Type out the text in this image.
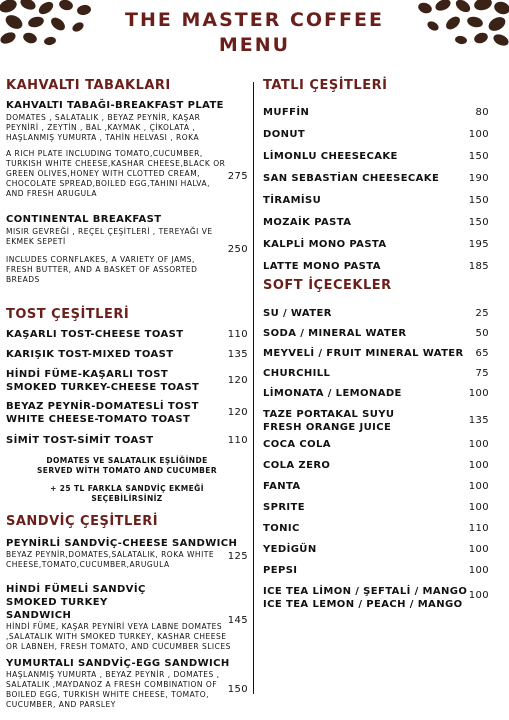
THE MASTER COFFEE
MENU
KAHVALTI TABAKLARI
KAHVALTI TABAĞI-BREAKFAST PLATE
DOMATES , SALATALIK , BEYAZ PEYNİR, KAŞAR PEYNİRİ , ZEYTİN , BAL ,KAYMAK , ÇİKOLATA , HAŞLANMIŞ YUMURTA , TAHİN HELVASI , ROKA
A RICH PLATE INCLUDING TOMATO,CUCUMBER, TURKISH WHITE CHEESE,KASHAR CHEESE,BLACK OR GREEN OLIVES,HONEY WITH CLOTTED CREAM, CHOCOLATE SPREAD,BOILED EGG,TAHINI HALVA, AND FRESH ARUGULA
275
CONTINENTAL BREAKFAST
MISIR GEVREĞİ , REÇEL ÇEŞİTLERİ , TEREYAĞI VE EKMEK SEPETİ
INCLUDES CORNFLAKES, A VARIETY OF JAMS, FRESH BUTTER, AND A BASKET OF ASSORTED BREADS
250
TOST ÇEŞİTLERİ
KAŞARLI TOST-CHEESE TOAST	110
KARIŞIK TOST-MIXED TOAST	135
HİNDİ FÜME-KAŞARLI TOST
SMOKED TURKEY-CHEESE TOAST
120
BEYAZ PEYNİR-DOMATESLİ TOST
WHITE CHEESE-TOMATO TOAST
120
SİMİT TOST-SİMİT TOAST	110
DOMATES VE SALATALIK EŞLİĞİNDE SERVED WİTH TOMATO AND CUCUMBER
+ 25 TL FARKLA SANDVİÇ EKMEĞİ SEÇEBİLİRSİNİZ
SANDVİÇ ÇEŞİTLERİ
PEYNİRLİ SANDVİÇ-CHEESE SANDWICH
BEYAZ PEYNİR,DOMATES,SALATALIK, ROKA WHITE CHEESE,TOMATO,CUCUMBER,ARUGULA
125
HİNDİ FÜMELİ SANDVİÇ SMOKED TURKEY SANDWICH
HİNDİ FÜME, KAŞAR PEYNİRİ VEYA LABNE DOMATES ,SALATALIK WITH SMOKED TURKEY, KASHAR CHEESE OR LABNEH, FRESH TOMATO, AND CUCUMBER SLICES
145
YUMURTALI SANDVİÇ-EGG SANDWICH
HAŞLANMIŞ YUMURTA , BEYAZ PEYNİR , DOMATES , SALATALIK ,MAYDANOZ A FRESH COMBINATION OF BOILED EGG, TURKISH WHITE CHEESE, TOMATO, CUCUMBER, AND PARSLEY
150
TATLI ÇEŞİTLERİ
MUFFİN	80
DONUT	100
LİMONLU CHEESECAKE	150
SAN SEBASTİAN CHEESECAKE	190
TİRAMİSU	150
MOZAİK PASTA	150
KALPLİ MONO PASTA	195
LATTE MONO PASTA	185
SOFT İÇECEKLER
SU / WATER	25
SODA / MINERAL WATER	50
MEYVELİ / FRUIT MINERAL WATER	65
CHURCHILL	75
LİMONATA / LEMONADE	100
TAZE PORTAKAL SUYU
FRESH ORANGE JUICE
135
COCA COLA	100
COLA ZERO	100
FANTA	100
SPRITE	100
TONIC	110
YEDİGÜN	100
PEPSI	100
ICE TEA LİMON / ŞEFTALİ / MANGO
ICE TEA LEMON / PEACH / MANGO
100
